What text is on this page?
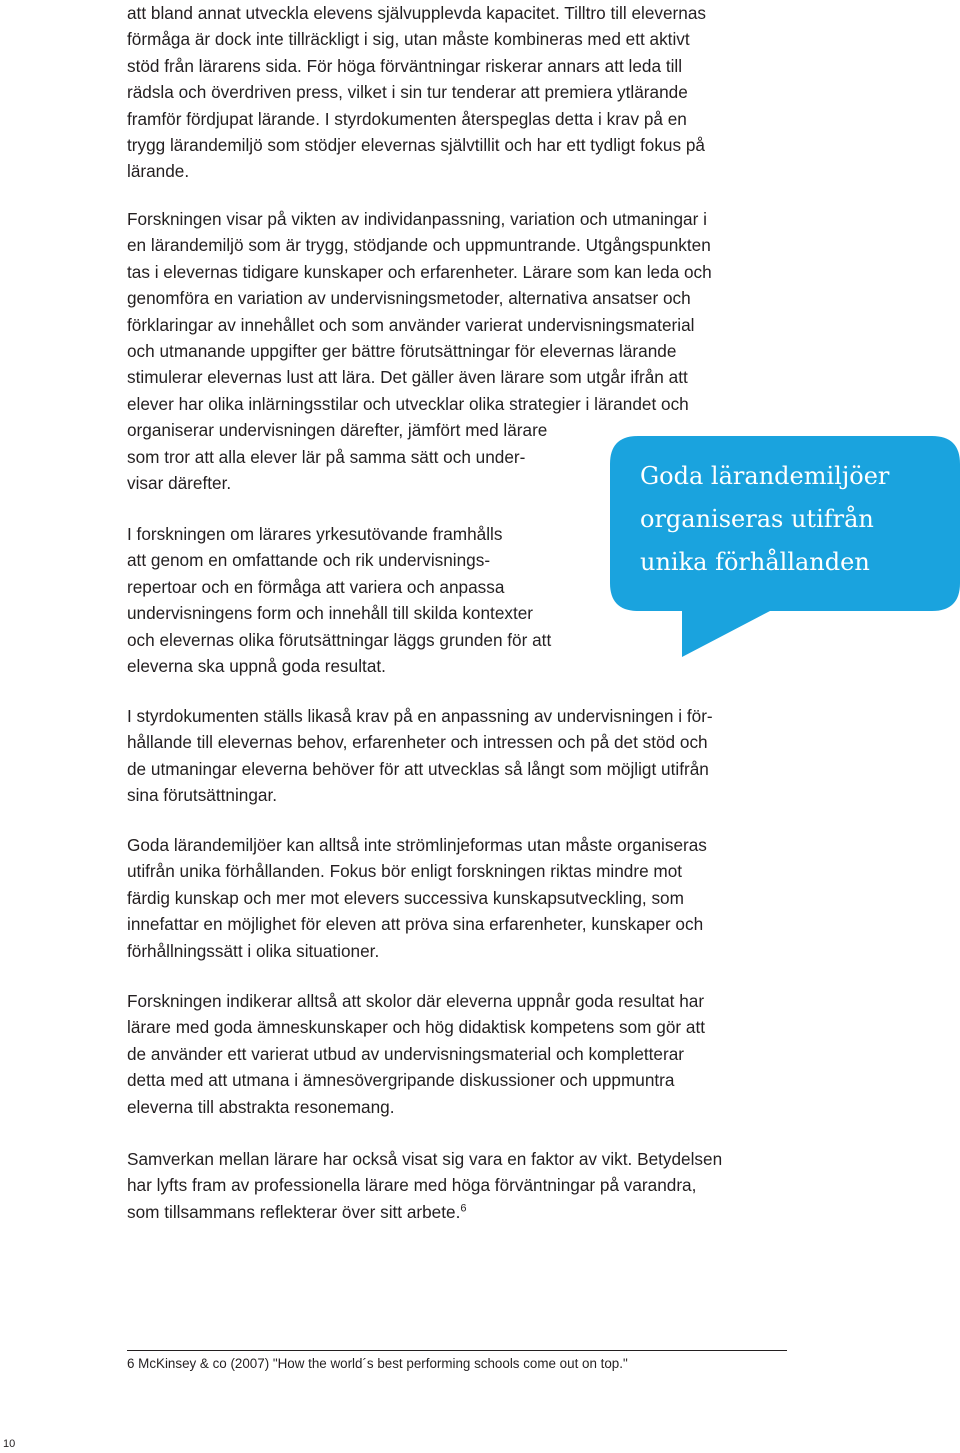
att bland annat utveckla elevens självupplevda kapacitet. Tilltro till elevernas
förmåga är dock inte tillräckligt i sig, utan måste kombineras med ett aktivt
stöd från lärarens sida. För höga förväntningar riskerar annars att leda till
rädsla och överdriven press, vilket i sin tur tenderar att premiera ytlärande
framför fördjupat lärande. I styrdokumenten återspeglas detta i krav på en
trygg lärandemiljö som stödjer elevernas självtillit och har ett tydligt fokus på
lärande.

Forskningen visar på vikten av individanpassning, variation och utmaningar i
en lärandemiljö som är trygg, stödjande och uppmuntrande. Utgångspunkten
tas i elevernas tidigare kunskaper och erfarenheter. Lärare som kan leda och
genomföra en variation av undervisningsmetoder, alternativa ansatser och
förklaringar av innehållet och som använder varierat undervisningsmaterial
och utmanande uppgifter ger bättre förutsättningar för elevernas lärande
stimulerar elevernas lust att lära. Det gäller även lärare som utgår ifrån att
elever har olika inlärningsstilar och utvecklar olika strategier i lärandet och
organiserar undervisningen därefter, jämfört med lärare
som tror att alla elever lär på samma sätt och under-
visar därefter.

I forskningen om lärares yrkesutövande framhålls
att genom en omfattande och rik undervisnings-
repertoar och en förmåga att variera och anpassa
undervisningens form och innehåll till skilda kontexter
och elevernas olika förutsättningar läggs grunden för att
eleverna ska uppnå goda resultat.

I styrdokumenten ställs likaså krav på en anpassning av undervisningen i för-
hållande till elevernas behov, erfarenheter och intressen och på det stöd och
de utmaningar eleverna behöver för att utvecklas så långt som möjligt utifrån
sina förutsättningar.

Goda lärandemiljöer kan alltså inte strömlinjeformas utan måste organiseras
utifrån unika förhållanden. Fokus bör enligt forskningen riktas mindre mot
färdig kunskap och mer mot elevers successiva kunskapsutveckling, som
innefattar en möjlighet för eleven att pröva sina erfarenheter, kunskaper och
förhållningssätt i olika situationer.

Forskningen indikerar alltså att skolor där eleverna uppnår goda resultat har
lärare med goda ämneskunskaper och hög didaktisk kompetens som gör att
de använder ett varierat utbud av undervisningsmaterial och kompletterar
detta med att utmana i ämnesövergripande diskussioner och uppmuntra
eleverna till abstrakta resonemang.

Samverkan mellan lärare har också visat sig vara en faktor av vikt. Betydelsen
har lyfts fram av professionella lärare med höga förväntningar på varandra,
som tillsammans reflekterar över sitt arbete.$^6$

Goda lärandemiljöer
organiseras utifrån
unika förhållanden

6 McKinsey & co (2007) "How the world´s best performing schools come out on top."

10
